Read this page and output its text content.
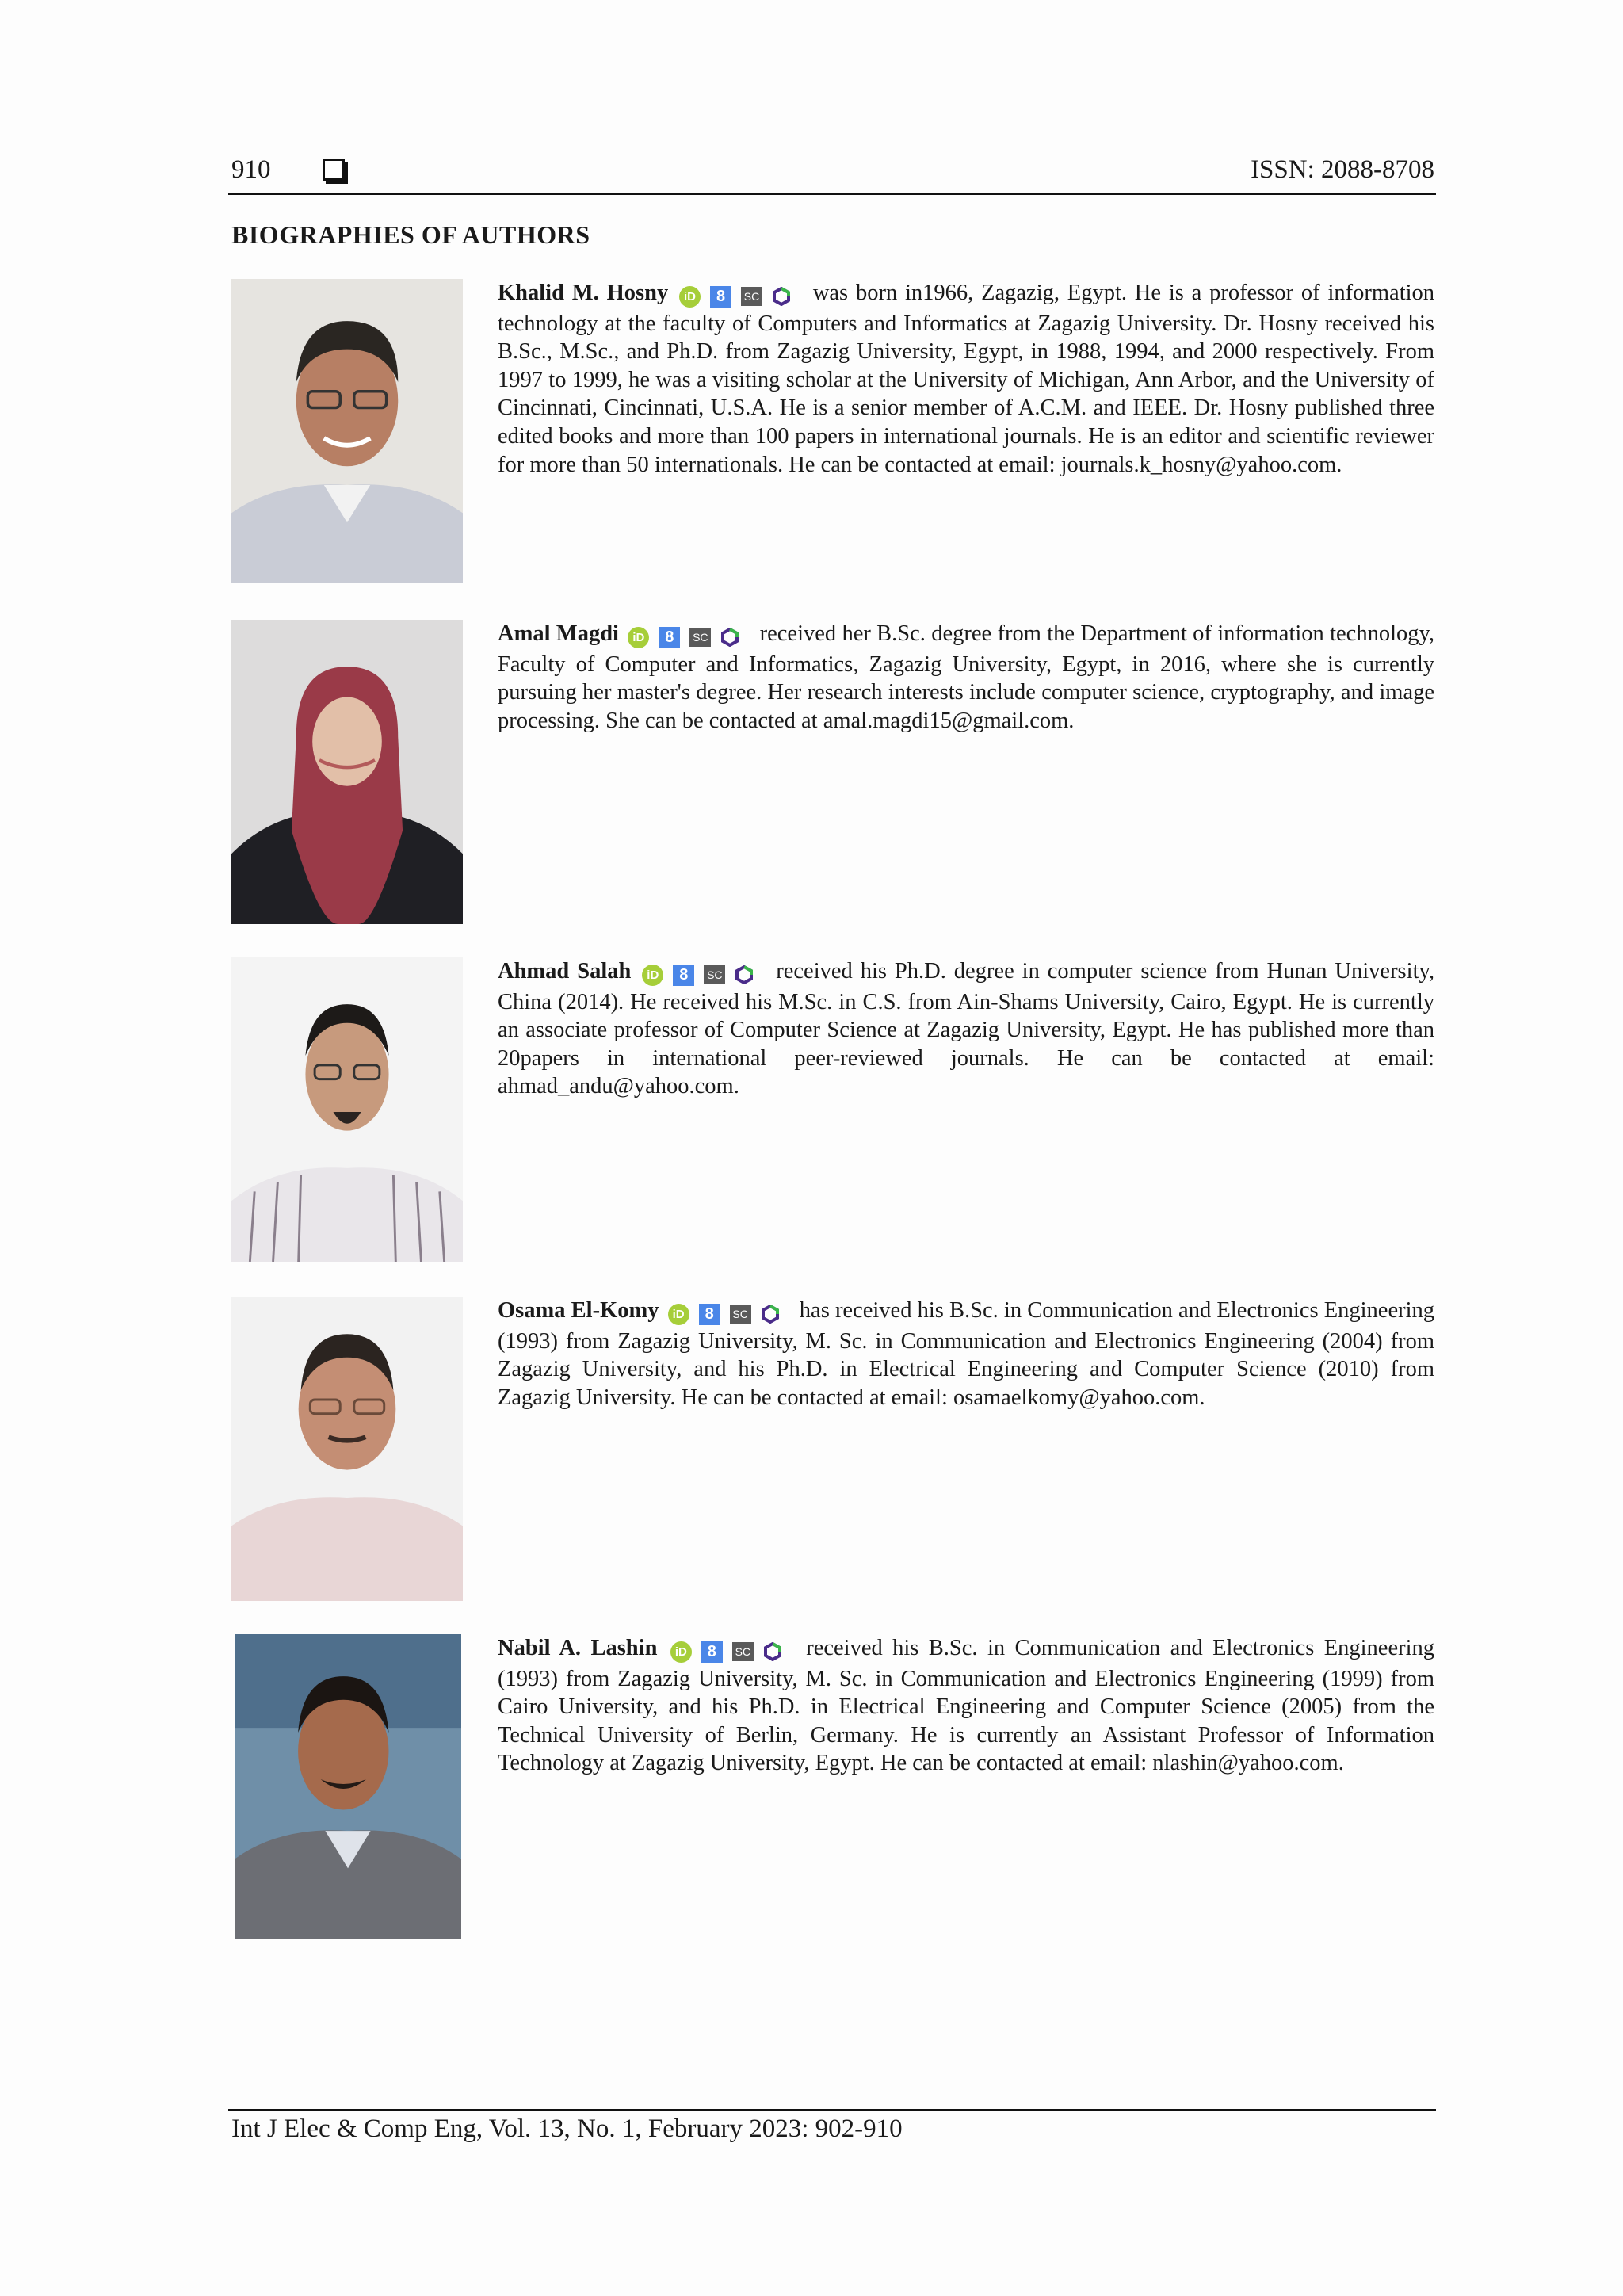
910	ISSN: 2088-8708
BIOGRAPHIES OF AUTHORS
Khalid M. Hosny iD 8 SC was born in1966, Zagazig, Egypt. He is a professor of information technology at the faculty of Computers and Informatics at Zagazig University. Dr. Hosny received his B.Sc., M.Sc., and Ph.D. from Zagazig University, Egypt, in 1988, 1994, and 2000 respectively. From 1997 to 1999, he was a visiting scholar at the University of Michigan, Ann Arbor, and the University of Cincinnati, Cincinnati, U.S.A. He is a senior member of A.C.M. and IEEE. Dr. Hosny published three edited books and more than 100 papers in international journals. He is an editor and scientific reviewer for more than 50 internationals. He can be contacted at email: journals.k_hosny@yahoo.com.
Amal Magdi iD 8 SC received her B.Sc. degree from the Department of information technology, Faculty of Computer and Informatics, Zagazig University, Egypt, in 2016, where she is currently pursuing her master's degree. Her research interests include computer science, cryptography, and image processing. She can be contacted at amal.magdi15@gmail.com.
Ahmad Salah iD 8 SC received his Ph.D. degree in computer science from Hunan University, China (2014). He received his M.Sc. in C.S. from Ain-Shams University, Cairo, Egypt. He is currently an associate professor of Computer Science at Zagazig University, Egypt. He has published more than 20papers in international peer-reviewed journals. He can be contacted at email: ahmad_andu@yahoo.com.
Osama El-Komy iD 8 SC has received his B.Sc. in Communication and Electronics Engineering (1993) from Zagazig University, M. Sc. in Communication and Electronics Engineering (2004) from Zagazig University, and his Ph.D. in Electrical Engineering and Computer Science (2010) from Zagazig University. He can be contacted at email: osamaelkomy@yahoo.com.
Nabil A. Lashin iD 8 SC received his B.Sc. in Communication and Electronics Engineering (1993) from Zagazig University, M. Sc. in Communication and Electronics Engineering (1999) from Cairo University, and his Ph.D. in Electrical Engineering and Computer Science (2005) from the Technical University of Berlin, Germany. He is currently an Assistant Professor of Information Technology at Zagazig University, Egypt. He can be contacted at email: nlashin@yahoo.com.
Int J Elec & Comp Eng, Vol. 13, No. 1, February 2023: 902-910
